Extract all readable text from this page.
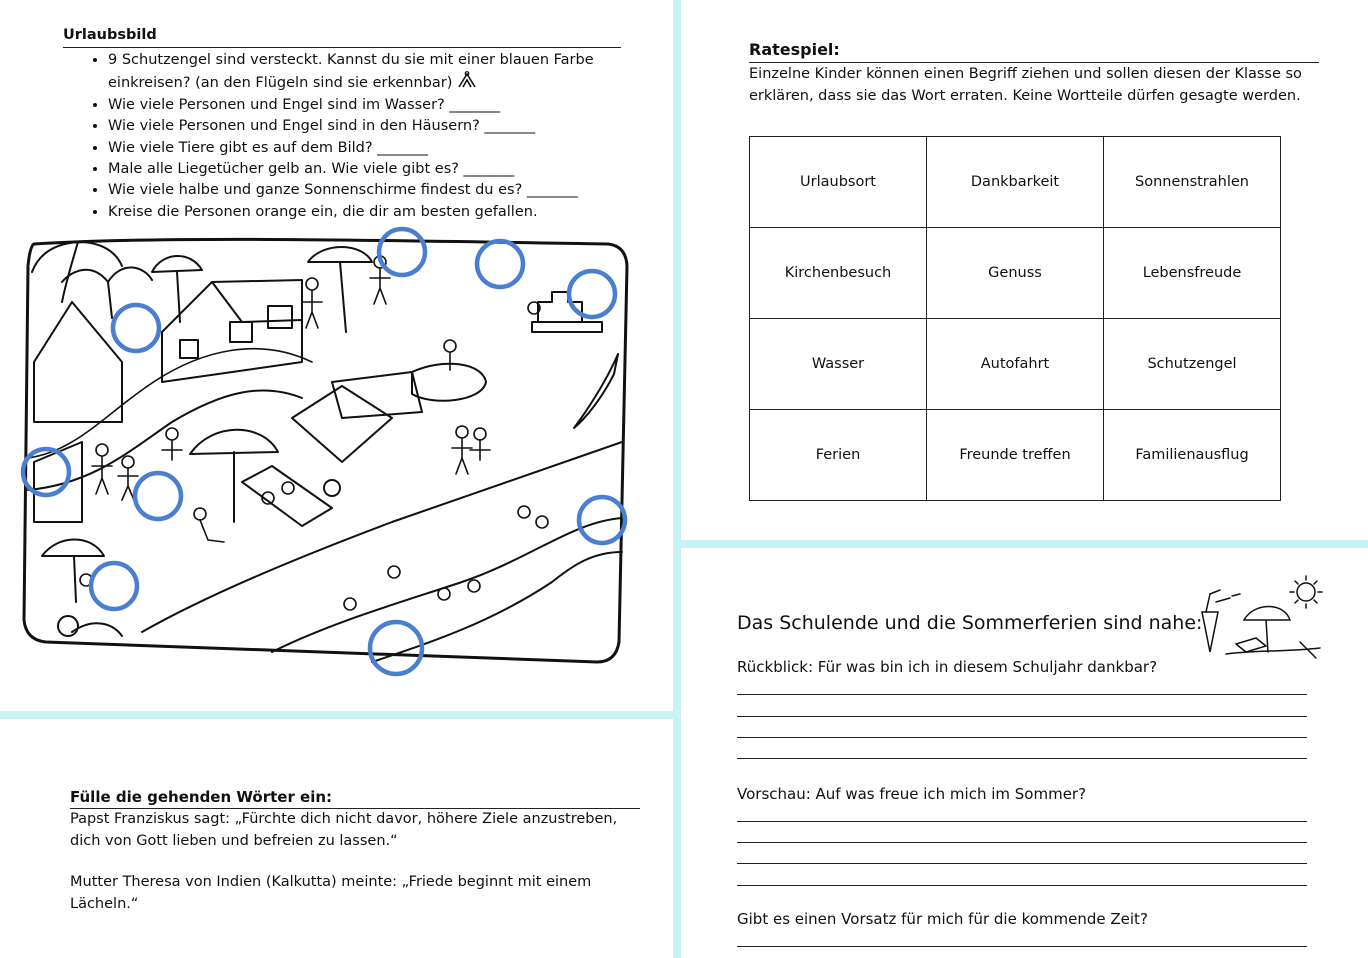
Urlaubsbild
• 9 Schutzengel sind versteckt. Kannst du sie mit einer blauen Farbe einkreisen? (an den Flügeln sind sie erkennbar)
• Wie viele Personen und Engel sind im Wasser? _______
• Wie viele Personen und Engel sind in den Häusern? _______
• Wie viele Tiere gibt es auf dem Bild? _______
• Male alle Liegetücher gelb an. Wie viele gibt es? _______
• Wie viele halbe und ganze Sonnenschirme findest du es? _______
• Kreise die Personen orange ein, die dir am besten gefallen.
Ratespiel:
Einzelne Kinder können einen Begriff ziehen und sollen diesen der Klasse so erklären, dass sie das Wort erraten. Keine Wortteile dürfen gesagte werden.
Urlaubsort	Dankbarkeit	Sonnenstrahlen
Kirchenbesuch	Genuss	Lebensfreude
Wasser	Autofahrt	Schutzengel
Ferien	Freunde treffen	Familienausflug
Fülle die gehenden Wörter ein:
Papst Franziskus sagt: „Fürchte dich nicht davor, höhere Ziele anzustreben, dich von Gott lieben und befreien zu lassen.“
Mutter Theresa von Indien (Kalkutta) meinte: „Friede beginnt mit einem Lächeln.“
Das Schulende und die Sommerferien sind nahe:
Rückblick: Für was bin ich in diesem Schuljahr dankbar?
Vorschau: Auf was freue ich mich im Sommer?
Gibt es einen Vorsatz für mich für die kommende Zeit?
